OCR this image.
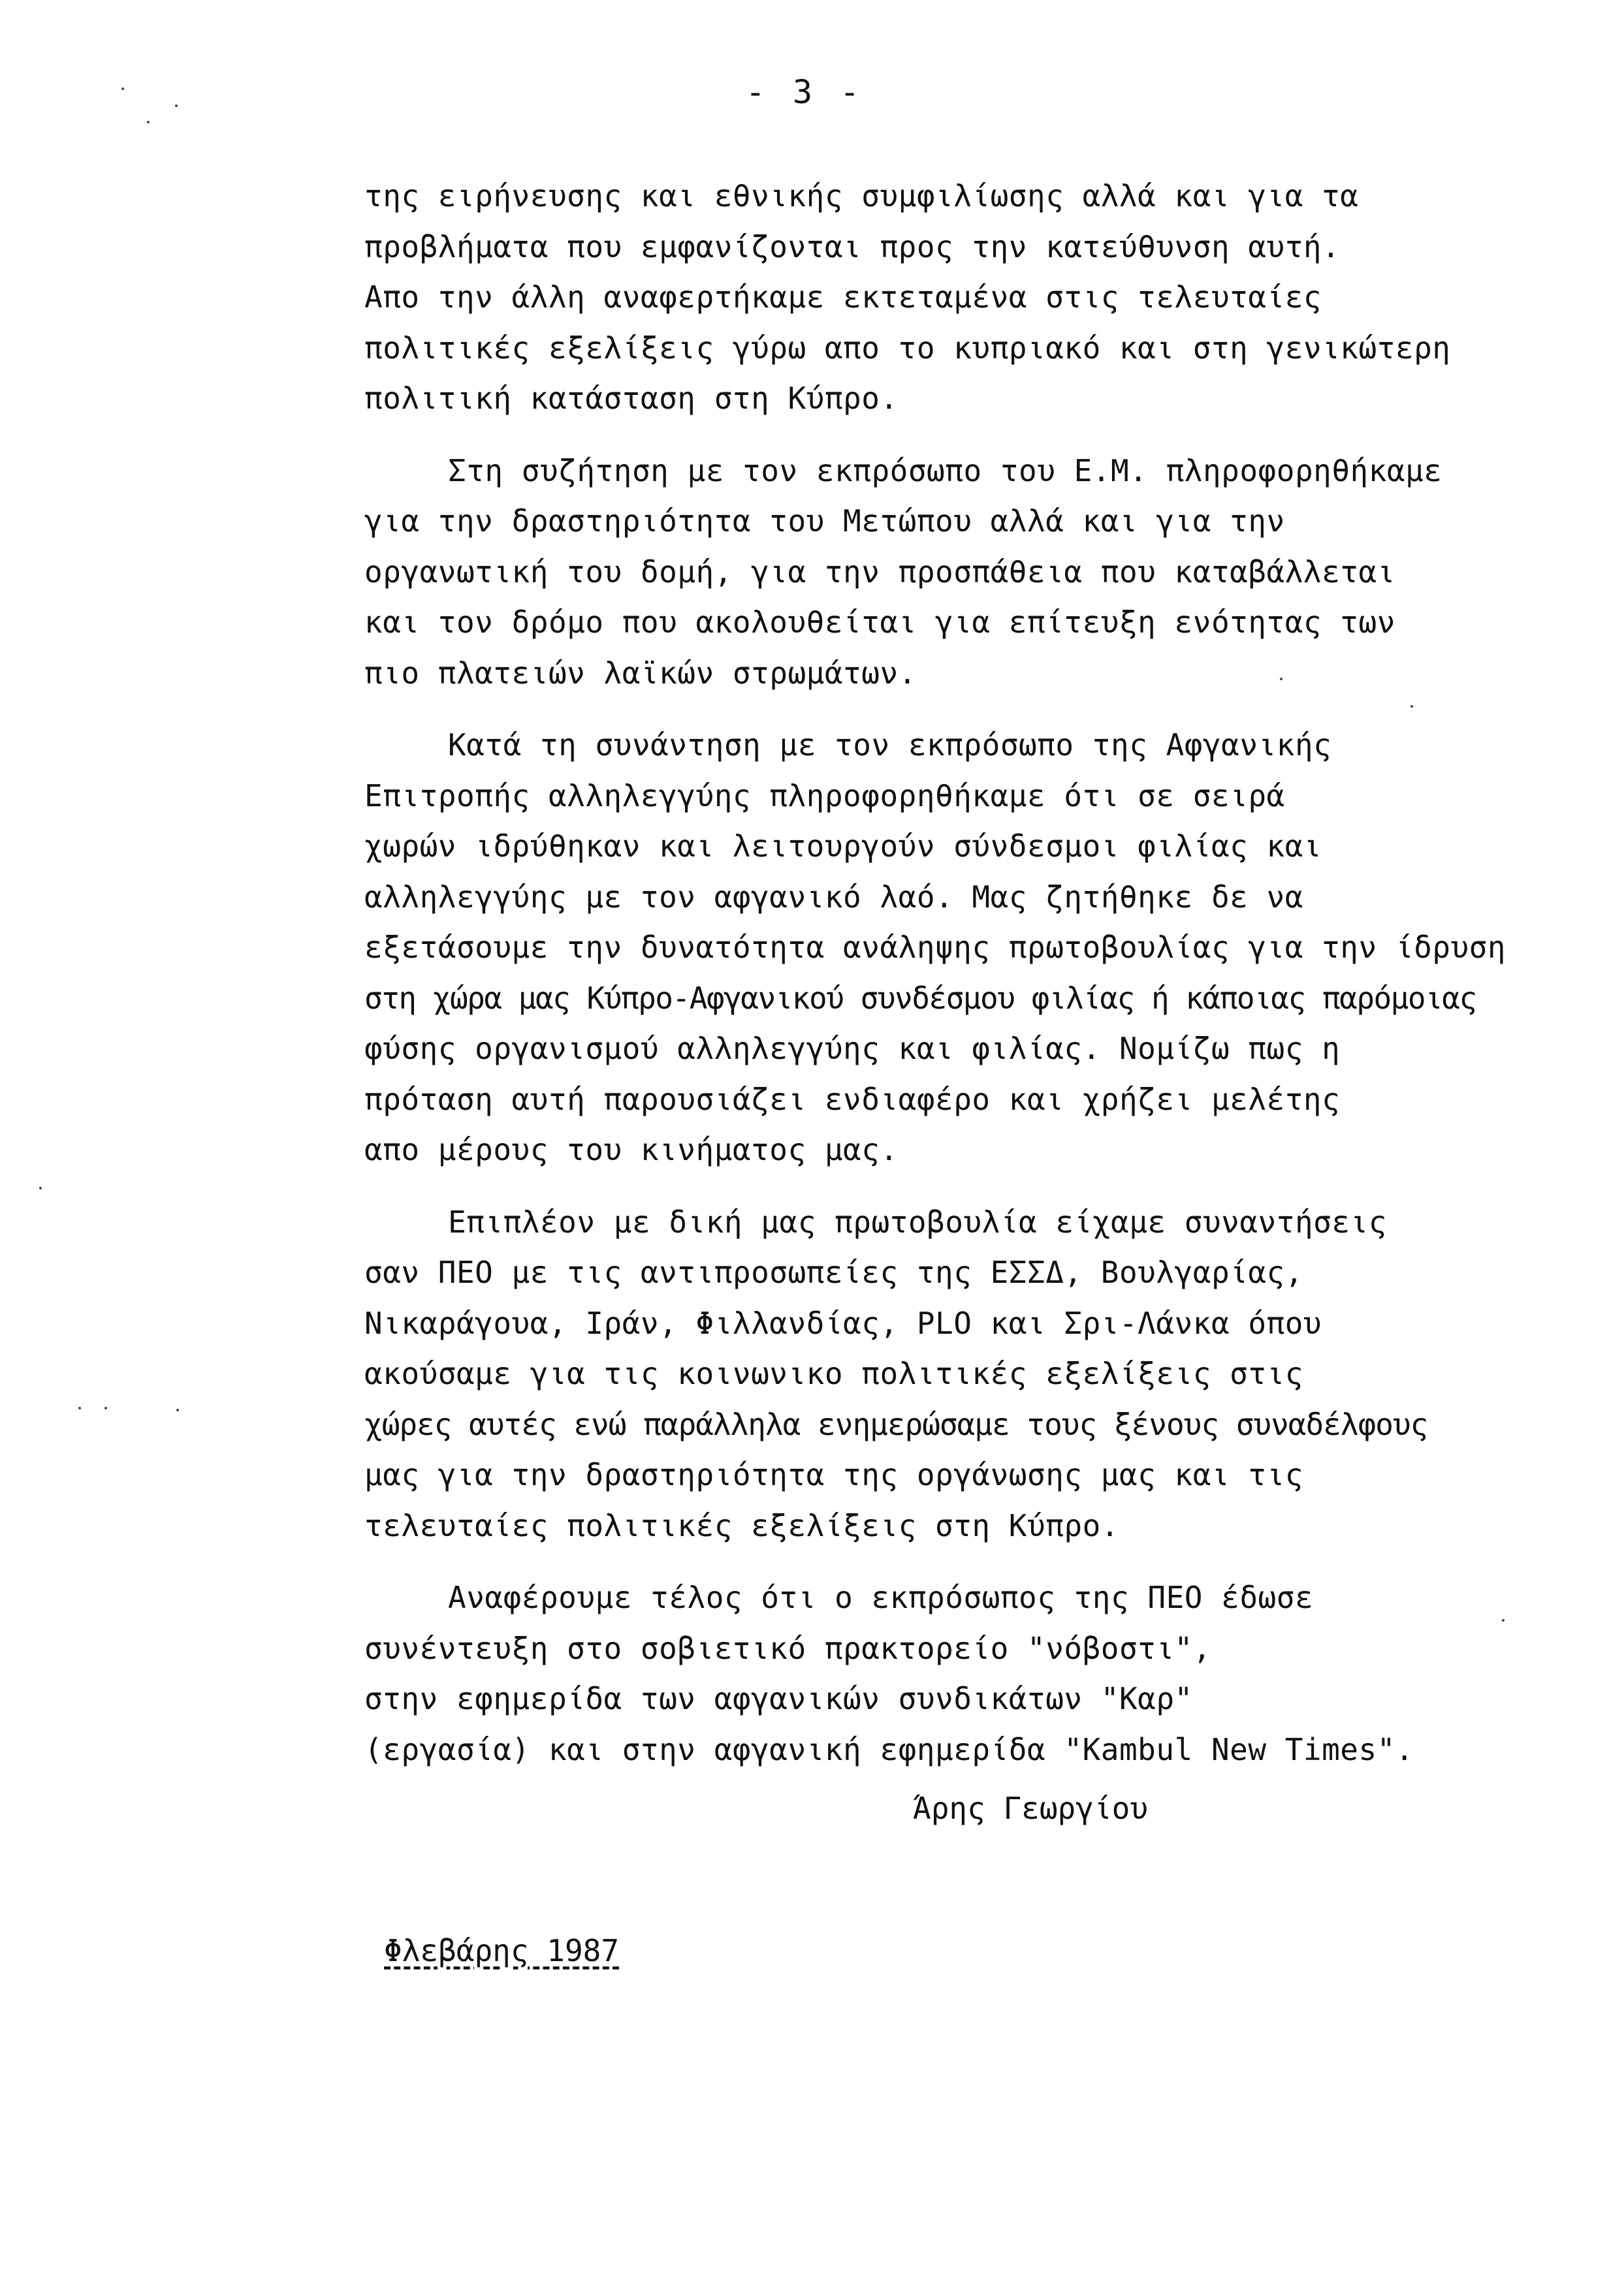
- 3 -
της ειρήνευσης και εθνικής συμφιλίωσης αλλά και για τα
προβλήματα που εμφανίζονται προς την κατεύθυνση αυτή.
Απο την άλλη αναφερτήκαμε εκτεταμένα στις τελευταίες
πολιτικές εξελίξεις γύρω απο το κυπριακό και στη γενικώτερη
πολιτική κατάσταση στη Κύπρο.
Στη συζήτηση με τον εκπρόσωπο του Ε.Μ. πληροφορηθήκαμε
για την δραστηριότητα του Μετώπου αλλά και για την
οργανωτική του δομή, για την προσπάθεια που καταβάλλεται
και τον δρόμο που ακολουθείται για επίτευξη ενότητας των
πιο πλατειών λαϊκών στρωμάτων.
Κατά τη συνάντηση με τον εκπρόσωπο της Αφγανικής
Επιτροπής αλληλεγγύης πληροφορηθήκαμε ότι σε σειρά
χωρών ιδρύθηκαν και λειτουργούν σύνδεσμοι φιλίας και
αλληλεγγύης με τον αφγανικό λαό. Μας ζητήθηκε δε να
εξετάσουμε την δυνατότητα ανάληψης πρωτοβουλίας για την ίδρυση
στη χώρα μας Κύπρο-Αφγανικού συνδέσμου φιλίας ή κάποιας παρόμοιας
φύσης οργανισμού αλληλεγγύης και φιλίας. Νομίζω πως η
πρόταση αυτή παρουσιάζει ενδιαφέρο και χρήζει μελέτης
απο μέρους του κινήματος μας.
Επιπλέον με δική μας πρωτοβουλία είχαμε συναντήσεις
σαν ΠΕΟ με τις αντιπροσωπείες της ΕΣΣΔ, Βουλγαρίας,
Νικαράγουα, Ιράν, Φιλλανδίας, PLO και Σρι-Λάνκα όπου
ακούσαμε για τις κοινωνικο πολιτικές εξελίξεις στις
χώρες αυτές ενώ παράλληλα ενημερώσαμε τους ξένους συναδέλφους
μας για την δραστηριότητα της οργάνωσης μας και τις
τελευταίες πολιτικές εξελίξεις στη Κύπρο.
Αναφέρουμε τέλος ότι ο εκπρόσωπος της ΠΕΟ έδωσε
συνέντευξη στο σοβιετικό πρακτορείο "νόβοστι",
στην εφημερίδα των αφγανικών συνδικάτων "Καρ"
(εργασία) και στην αφγανική εφημερίδα "Kambul New Times".
Άρης Γεωργίου
Φλεβάρης 1987
